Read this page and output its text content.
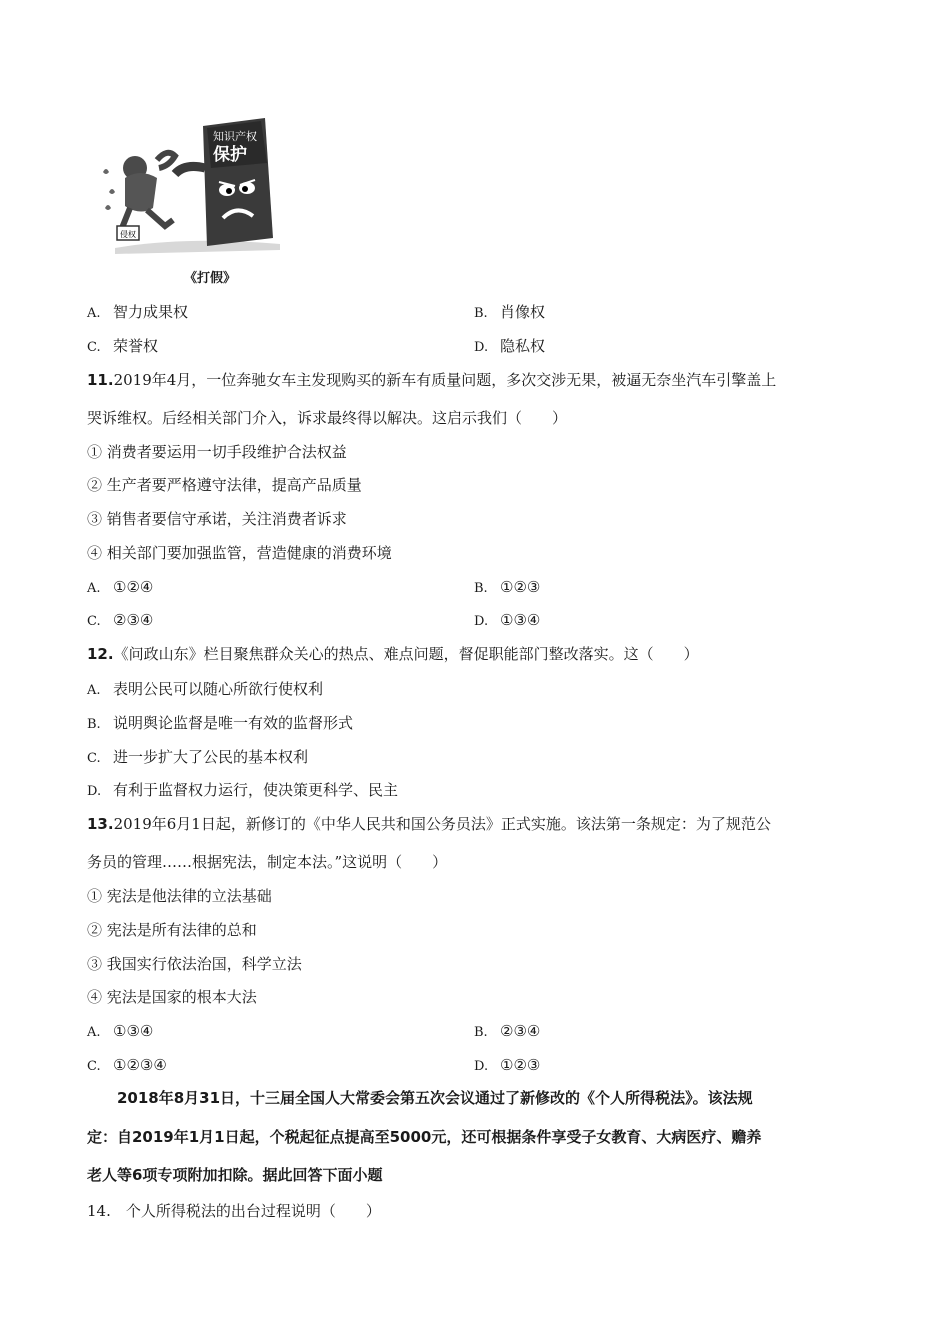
知识产权
保护
侵权
《打假》
A. 智力成果权	B. 肖像权
C. 荣誉权	D. 隐私权
11.2019年4月，一位奔驰女车主发现购买的新车有质量问题，多次交涉无果，被逼无奈坐汽车引擎盖上
哭诉维权。后经相关部门介入，诉求最终得以解决。这启示我们（　　）
① 消费者要运用一切手段维护合法权益
② 生产者要严格遵守法律，提高产品质量
③ 销售者要信守承诺，关注消费者诉求
④ 相关部门要加强监管，营造健康的消费环境
A. ①②④	B. ①②③
C. ②③④	D. ①③④
12.《问政山东》栏目聚焦群众关心的热点、难点问题，督促职能部门整改落实。这（　　）
A. 表明公民可以随心所欲行使权利
B. 说明舆论监督是唯一有效的监督形式
C. 进一步扩大了公民的基本权利
D. 有利于监督权力运行，使决策更科学、民主
13.2019年6月1日起，新修订的《中华人民共和国公务员法》正式实施。该法第一条规定：为了规范公
务员的管理……根据宪法，制定本法。”这说明（　　）
① 宪法是他法律的立法基础
② 宪法是所有法律的总和
③ 我国实行依法治国，科学立法
④ 宪法是国家的根本大法
A. ①③④	B. ②③④
C. ①②③④	D. ①②③
　　2018年8月31日，十三届全国人大常委会第五次会议通过了新修改的《个人所得税法》。该法规
定：自2019年1月1日起，个税起征点提高至5000元，还可根据条件享受子女教育、大病医疗、赡养
老人等6项专项附加扣除。据此回答下面小题
14.　个人所得税法的出台过程说明（　　）
